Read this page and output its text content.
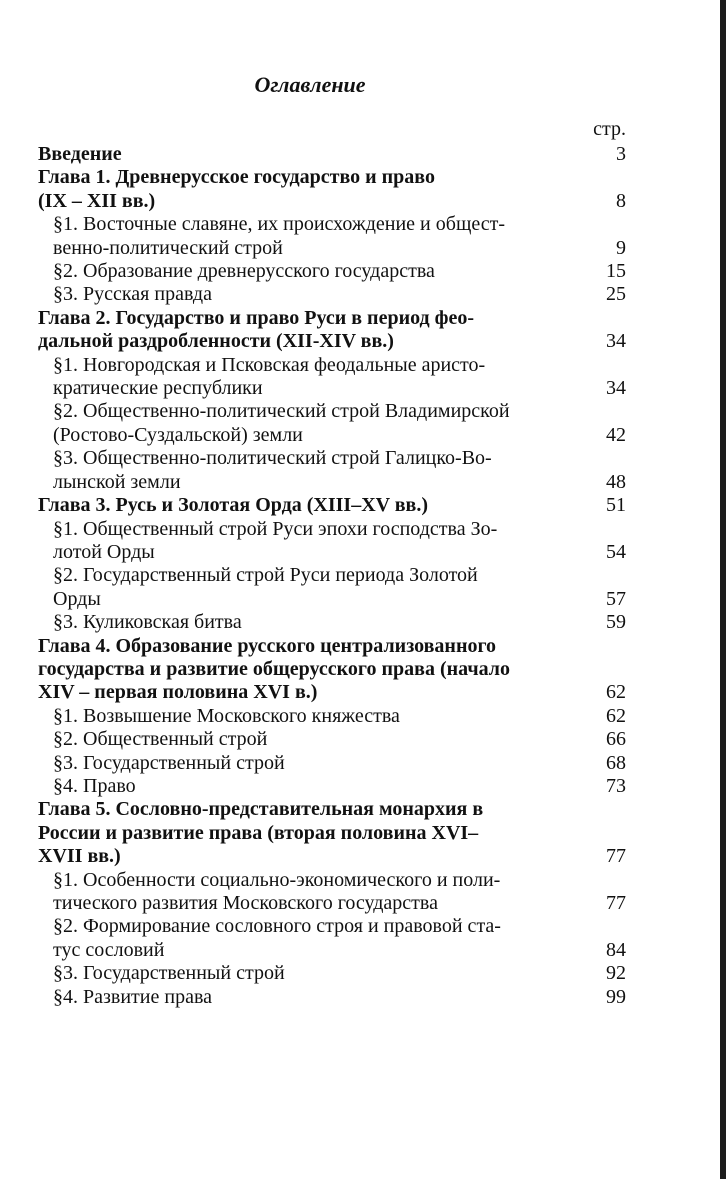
Оглавление
стр.
Введение	3
Глава 1. Древнерусское государство и право
(IX – XII вв.)	8
§1. Восточные славяне, их происхождение и общест-
венно-политический строй	9
§2. Образование древнерусского государства	15
§3. Русская правда	25
Глава 2. Государство и право Руси в период фео-
дальной раздробленности (XII-XIV вв.)	34
§1. Новгородская и Псковская феодальные аристо-
кратические республики	34
§2. Общественно-политический строй Владимирской
(Ростово-Суздальской) земли	42
§3. Общественно-политический строй Галицко-Во-
лынской земли	48
Глава 3. Русь и Золотая Орда (XIII–XV вв.)	51
§1. Общественный строй Руси эпохи господства Зо-
лотой Орды	54
§2. Государственный строй Руси периода Золотой
Орды	57
§3. Куликовская битва	59
Глава 4. Образование русского централизованного
государства и развитие общерусского права (начало
XIV – первая половина XVI в.)	62
§1. Возвышение Московского княжества	62
§2. Общественный строй	66
§3. Государственный строй	68
§4. Право	73
Глава 5. Сословно-представительная монархия в
России и развитие права (вторая половина XVI–
XVII вв.)	77
§1. Особенности социально-экономического и поли-
тического развития Московского государства	77
§2. Формирование сословного строя и правовой ста-
тус сословий	84
§3. Государственный строй	92
§4. Развитие права	99
